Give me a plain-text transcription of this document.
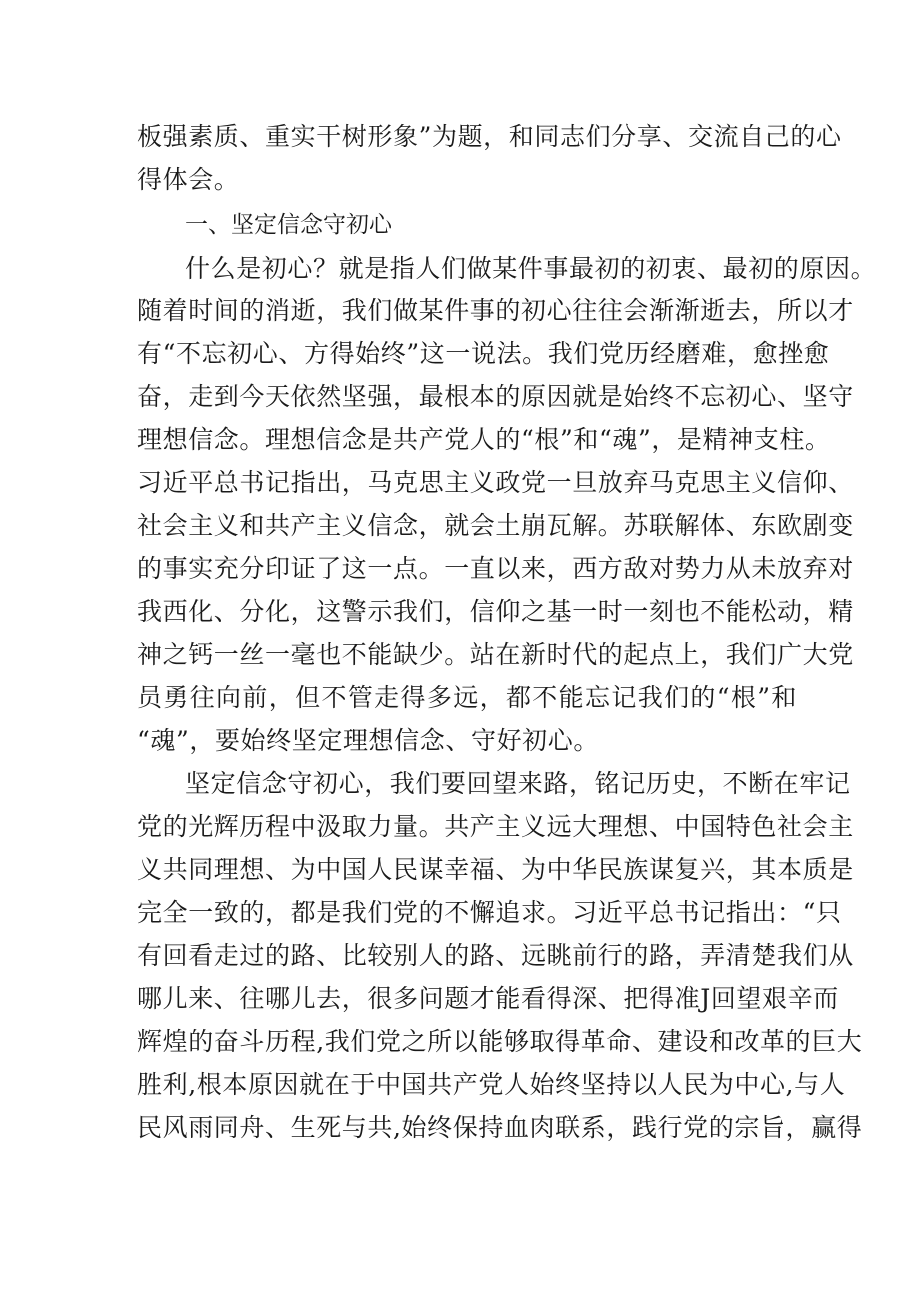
板强素质、重实干树形象”为题，和同志们分享、交流自己的心
得体会。
一、坚定信念守初心
什么是初心？就是指人们做某件事最初的初衷、最初的原因。
随着时间的消逝，我们做某件事的初心往往会渐渐逝去，所以才
有“不忘初心、方得始终”这一说法。我们党历经磨难，愈挫愈
奋，走到今天依然坚强，最根本的原因就是始终不忘初心、坚守
理想信念。理想信念是共产党人的“根”和“魂”，是精神支柱。
习近平总书记指出，马克思主义政党一旦放弃马克思主义信仰、
社会主义和共产主义信念，就会土崩瓦解。苏联解体、东欧剧变
的事实充分印证了这一点。一直以来，西方敌对势力从未放弃对
我西化、分化，这警示我们，信仰之基一时一刻也不能松动，精
神之钙一丝一毫也不能缺少。站在新时代的起点上，我们广大党
员勇往向前，但不管走得多远，都不能忘记我们的“根”和
“魂”，要始终坚定理想信念、守好初心。
坚定信念守初心，我们要回望来路，铭记历史，不断在牢记
党的光辉历程中汲取力量。共产主义远大理想、中国特色社会主
义共同理想、为中国人民谋幸福、为中华民族谋复兴，其本质是
完全一致的，都是我们党的不懈追求。习近平总书记指出：“只
有回看走过的路、比较别人的路、远眺前行的路，弄清楚我们从
哪儿来、往哪儿去，很多问题才能看得深、把得准J回望艰辛而
辉煌的奋斗历程,我们党之所以能够取得革命、建设和改革的巨大
胜利,根本原因就在于中国共产党人始终坚持以人民为中心,与人
民风雨同舟、生死与共,始终保持血肉联系，践行党的宗旨，赢得
